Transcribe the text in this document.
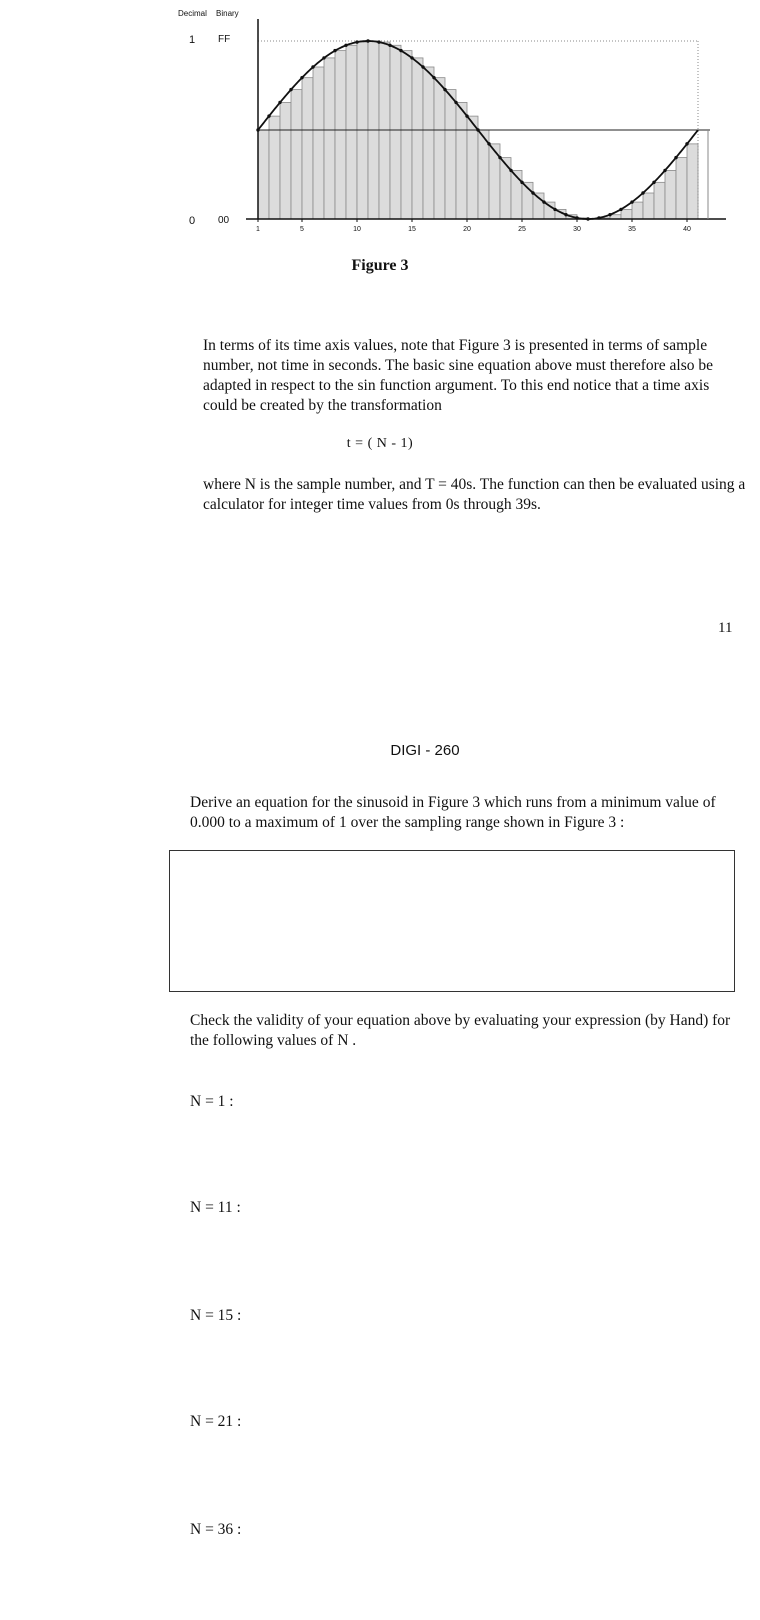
1	5	10	15	20	25	30	35	40
Decimal Binary
1 FF
0 00
Figure 3

In terms of its time axis values, note that Figure 3 is presented in terms of sample number, not time in seconds. The basic sine equation above must therefore also be adapted in respect to the sin function argument. To this end notice that a time axis could be created by the transformation

t = ( N - 1)

where N is the sample number, and T = 40s. The function can then be evaluated using a calculator for integer time values from 0s through 39s.

11
DIGI - 260

Derive an equation for the sinusoid in Figure 3 which runs from a minimum value of 0.000 to a maximum of 1 over the sampling range shown in Figure 3 :

Check the validity of your equation above by evaluating your expression (by Hand) for the following values of N .

N = 1 :
N = 11 :
N = 15 :
N = 21 :
N = 36 :
